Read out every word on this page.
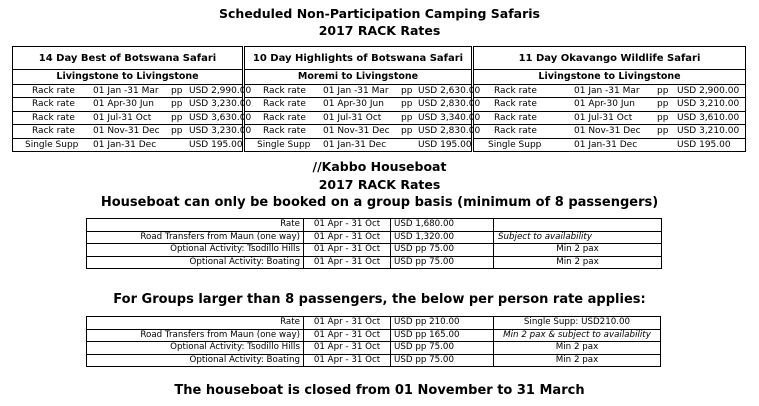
Scheduled Non-Participation Camping Safaris
2017 RACK Rates
14 Day Best of Botswana Safari
Livingstone to Livingstone
Rack rate 01 Jan -31 Mar pp USD 2,990.00
Rack rate 01 Apr-30 Jun pp USD 3,230.00
Rack rate 01 Jul-31 Oct pp USD 3,630.00
Rack rate 01 Nov-31 Dec pp USD 3,230.00
Single Supp 01 Jan-31 Dec	USD 195.00
10 Day Highlights of Botswana Safari
Moremi to Livingstone
Rack rate 01 Jan -31 Mar pp USD 2,630.00
Rack rate 01 Apr-30 Jun pp USD 2,830.00
Rack rate 01 Jul-31 Oct pp USD 3,340.00
Rack rate 01 Nov-31 Dec pp USD 2,830.00
Single Supp 01 Jan-31 Dec	USD 195.00
11 Day Okavango Wildlife Safari
Livingstone to Livingstone
Rack rate	01 Jan -31 Mar pp USD 2,900.00
Rack rate	01 Apr-30 Jun pp USD 3,210.00
Rack rate	01 Jul-31 Oct	pp USD 3,610.00
Rack rate	01 Nov-31 Dec pp USD 3,210.00
Single Supp	01 Jan-31 Dec	USD 195.00
//Kabbo Houseboat
2017 RACK Rates
Houseboat can only be booked on a group basis (minimum of 8 passengers)
Rate	01 Apr - 31 Oct	USD 1,680.00	
Road Transfers from Maun (one way)	01 Apr - 31 Oct	USD 1,320.00	Subject to availability
Optional Activity: Tsodillo Hills	01 Apr - 31 Oct	USD pp 75.00	Min 2 pax
Optional Activity: Boating	01 Apr - 31 Oct	USD pp 75.00	Min 2 pax
For Groups larger than 8 passengers, the below per person rate applies:
Rate	01 Apr - 31 Oct	USD pp 210.00	Single Supp: USD210.00
Road Transfers from Maun (one way)	01 Apr - 31 Oct	USD pp 165.00	Min 2 pax & subject to availability
Optional Activity: Tsodillo Hills	01 Apr - 31 Oct	USD pp 75.00	Min 2 pax
Optional Activity: Boating	01 Apr - 31 Oct	USD pp 75.00	Min 2 pax
The houseboat is closed from 01 November to 31 March
